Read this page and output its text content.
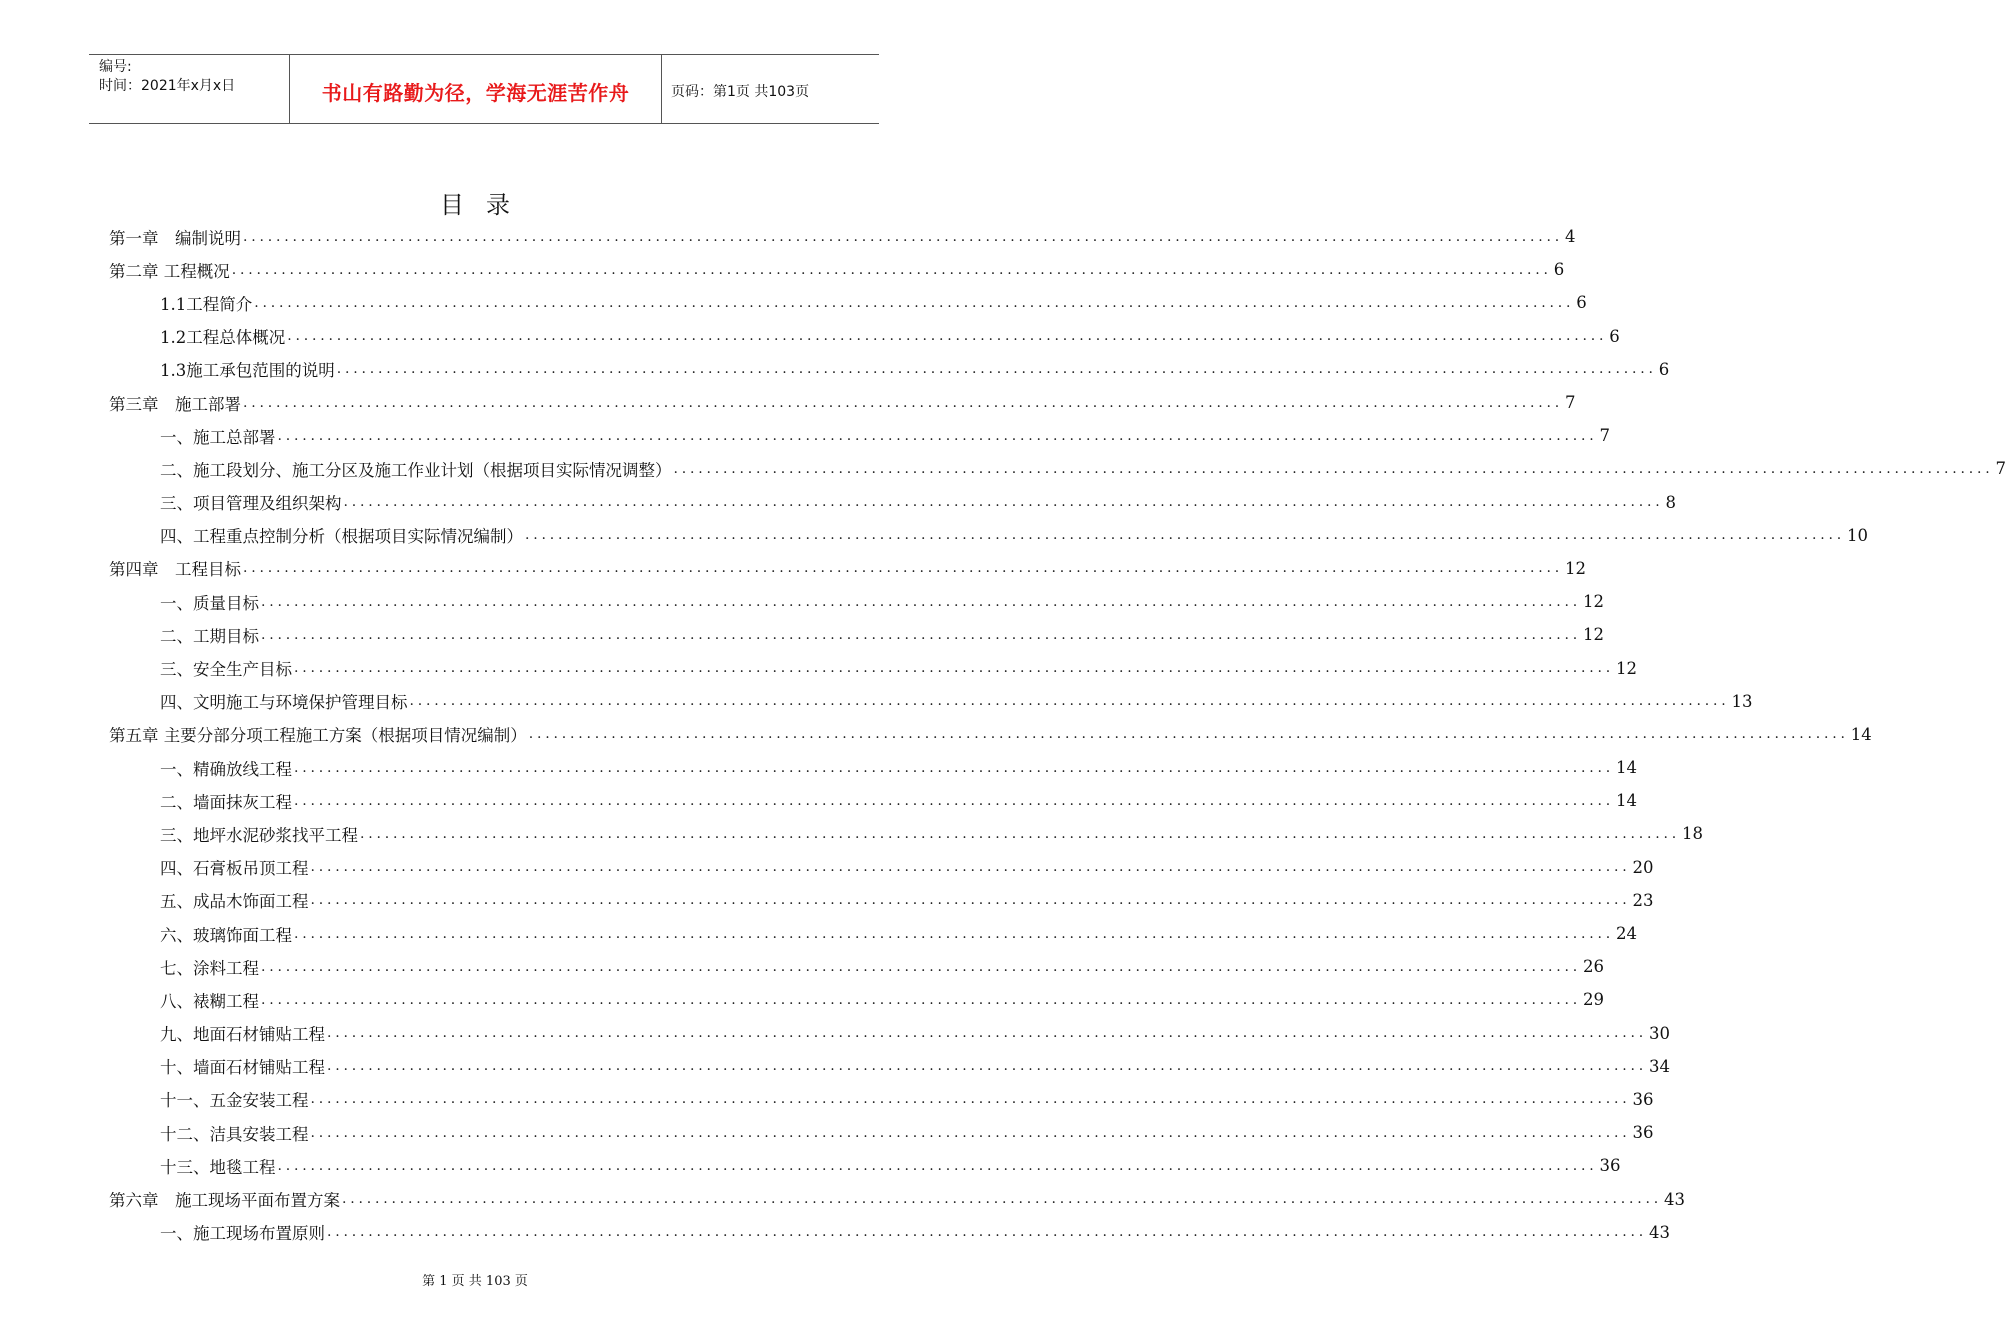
编号:
时间：2021年x月x日	书山有路勤为径，学海无涯苦作舟	页码：第1页 共103页
目录
第一章　编制说明 ................................................................................................................................................................ 4
第二章 工程概况 ................................................................................................................................................................ 6
1.1工程简介 ................................................................................................................................................................ 6
1.2工程总体概况 ................................................................................................................................................................ 6
1.3施工承包范围的说明 ................................................................................................................................................................ 6
第三章　施工部署 ................................................................................................................................................................ 7
一、施工总部署 ................................................................................................................................................................ 7
二、施工段划分、施工分区及施工作业计划（根据项目实际情况调整） ................................................................................................................................................................ 7
三、项目管理及组织架构 ................................................................................................................................................................ 8
四、工程重点控制分析（根据项目实际情况编制） ................................................................................................................................................................ 10
第四章　工程目标 ................................................................................................................................................................ 12
一、质量目标 ................................................................................................................................................................ 12
二、工期目标 ................................................................................................................................................................ 12
三、安全生产目标 ................................................................................................................................................................ 12
四、文明施工与环境保护管理目标 ................................................................................................................................................................ 13
第五章 主要分部分项工程施工方案（根据项目情况编制） ................................................................................................................................................................ 14
一、精确放线工程 ................................................................................................................................................................ 14
二、墙面抹灰工程 ................................................................................................................................................................ 14
三、地坪水泥砂浆找平工程 ................................................................................................................................................................ 18
四、石膏板吊顶工程 ................................................................................................................................................................ 20
五、成品木饰面工程 ................................................................................................................................................................ 23
六、玻璃饰面工程 ................................................................................................................................................................ 24
七、涂料工程 ................................................................................................................................................................ 26
八、裱糊工程 ................................................................................................................................................................ 29
九、地面石材铺贴工程 ................................................................................................................................................................ 30
十、墙面石材铺贴工程 ................................................................................................................................................................ 34
十一、五金安装工程 ................................................................................................................................................................ 36
十二、洁具安装工程 ................................................................................................................................................................ 36
十三、地毯工程 ................................................................................................................................................................ 36
第六章　施工现场平面布置方案 ................................................................................................................................................................ 43
一、施工现场布置原则 ................................................................................................................................................................ 43
第 1 页 共 103 页
